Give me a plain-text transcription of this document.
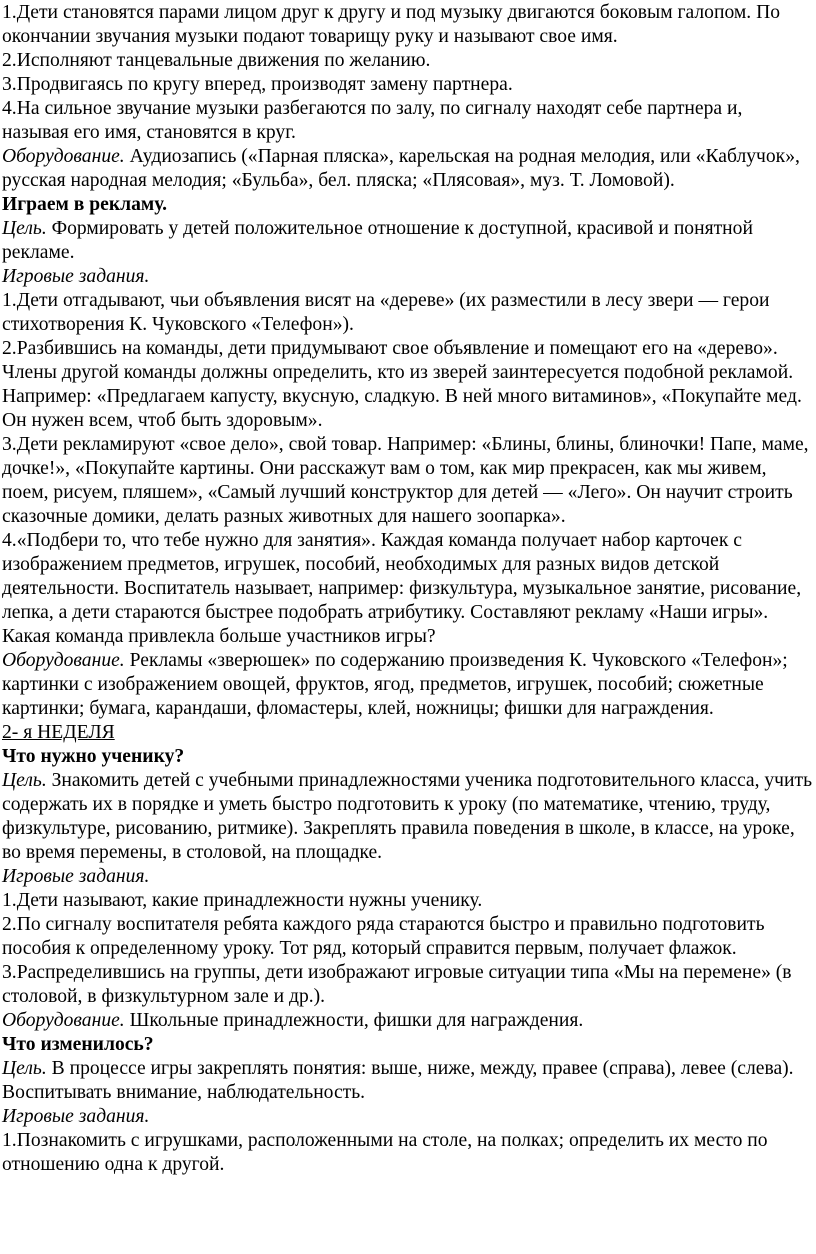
1.Дети становятся парами лицом друг к другу и под музыку двигаются боковым галопом. По окончании звучания музыки подают товарищу руку и называют свое имя.

2.Исполняют танцевальные движения по желанию.

3.Продвигаясь по кругу вперед, производят замену партнера.

4.На сильное звучание музыки разбегаются по залу, по сигналу находят себе партнера и, называя его имя, становятся в круг.

Оборудование. Аудиозапись («Парная пляска», карельская на родная мелодия, или «Каблучок», русская народная мелодия; «Бульба», бел. пляска; «Плясовая», муз. Т. Ломовой).

Играем в рекламу.

Цель. Формировать у детей положительное отношение к доступной, красивой и понятной рекламе.

Игровые задания.

1.Дети отгадывают, чьи объявления висят на «дереве» (их разместили в лесу звери — герои стихотворения К. Чуковского «Телефон»).

2.Разбившись на команды, дети придумывают свое объявление и помещают его на «дерево». Члены другой команды должны определить, кто из зверей заинтересуется подобной рекламой. Например: «Предлагаем капусту, вкусную, сладкую. В ней много витаминов», «Покупайте мед. Он нужен всем, чтоб быть здоровым».

3.Дети рекламируют «свое дело», свой товар. Например: «Блины, блины, блиночки! Папе, маме, дочке!», «Покупайте картины. Они расскажут вам о том, как мир прекрасен, как мы живем, поем, рисуем, пляшем», «Самый лучший конструктор для детей — «Лего». Он научит строить сказочные домики, делать разных животных для нашего зоопарка».

4.«Подбери то, что тебе нужно для занятия». Каждая команда получает набор карточек с изображением предметов, игрушек, пособий, необходимых для разных видов детской деятельности. Воспитатель называет, например: физкультура, музыкальное занятие, рисование, лепка, а дети стараются быстрее подобрать атрибутику. Составляют рекламу «Наши игры». Какая команда привлекла больше участников игры?

Оборудование. Рекламы «зверюшек» по содержанию произведения К. Чуковского «Телефон»; картинки с изображением овощей, фруктов, ягод, предметов, игрушек, пособий; сюжетные картинки; бумага, карандаши, фломастеры, клей, ножницы; фишки для награждения.

2- я НЕДЕЛЯ

Что нужно ученику?

Цель. Знакомить детей с учебными принадлежностями ученика подготовительного класса, учить содержать их в порядке и уметь быстро подготовить к уроку (по математике, чтению, труду, физкультуре, рисованию, ритмике). Закреплять правила поведения в школе, в классе, на уроке, во время перемены, в столовой, на площадке.

Игровые задания.

1.Дети называют, какие принадлежности нужны ученику.

2.По сигналу воспитателя ребята каждого ряда стараются быстро и правильно подготовить пособия к определенному уроку. Тот ряд, который справится первым, получает флажок.

3.Распределившись на группы, дети изображают игровые ситуации типа «Мы на перемене» (в столовой, в физкультурном зале и др.).

Оборудование. Школьные принадлежности, фишки для награждения.

Что изменилось?

Цель. В процессе игры закреплять понятия: выше, ниже, между, правее (справа), левее (слева). Воспитывать внимание, наблюдательность.

Игровые задания.

1.Познакомить с игрушками, расположенными на столе, на полках; определить их место по отношению одна к другой.
